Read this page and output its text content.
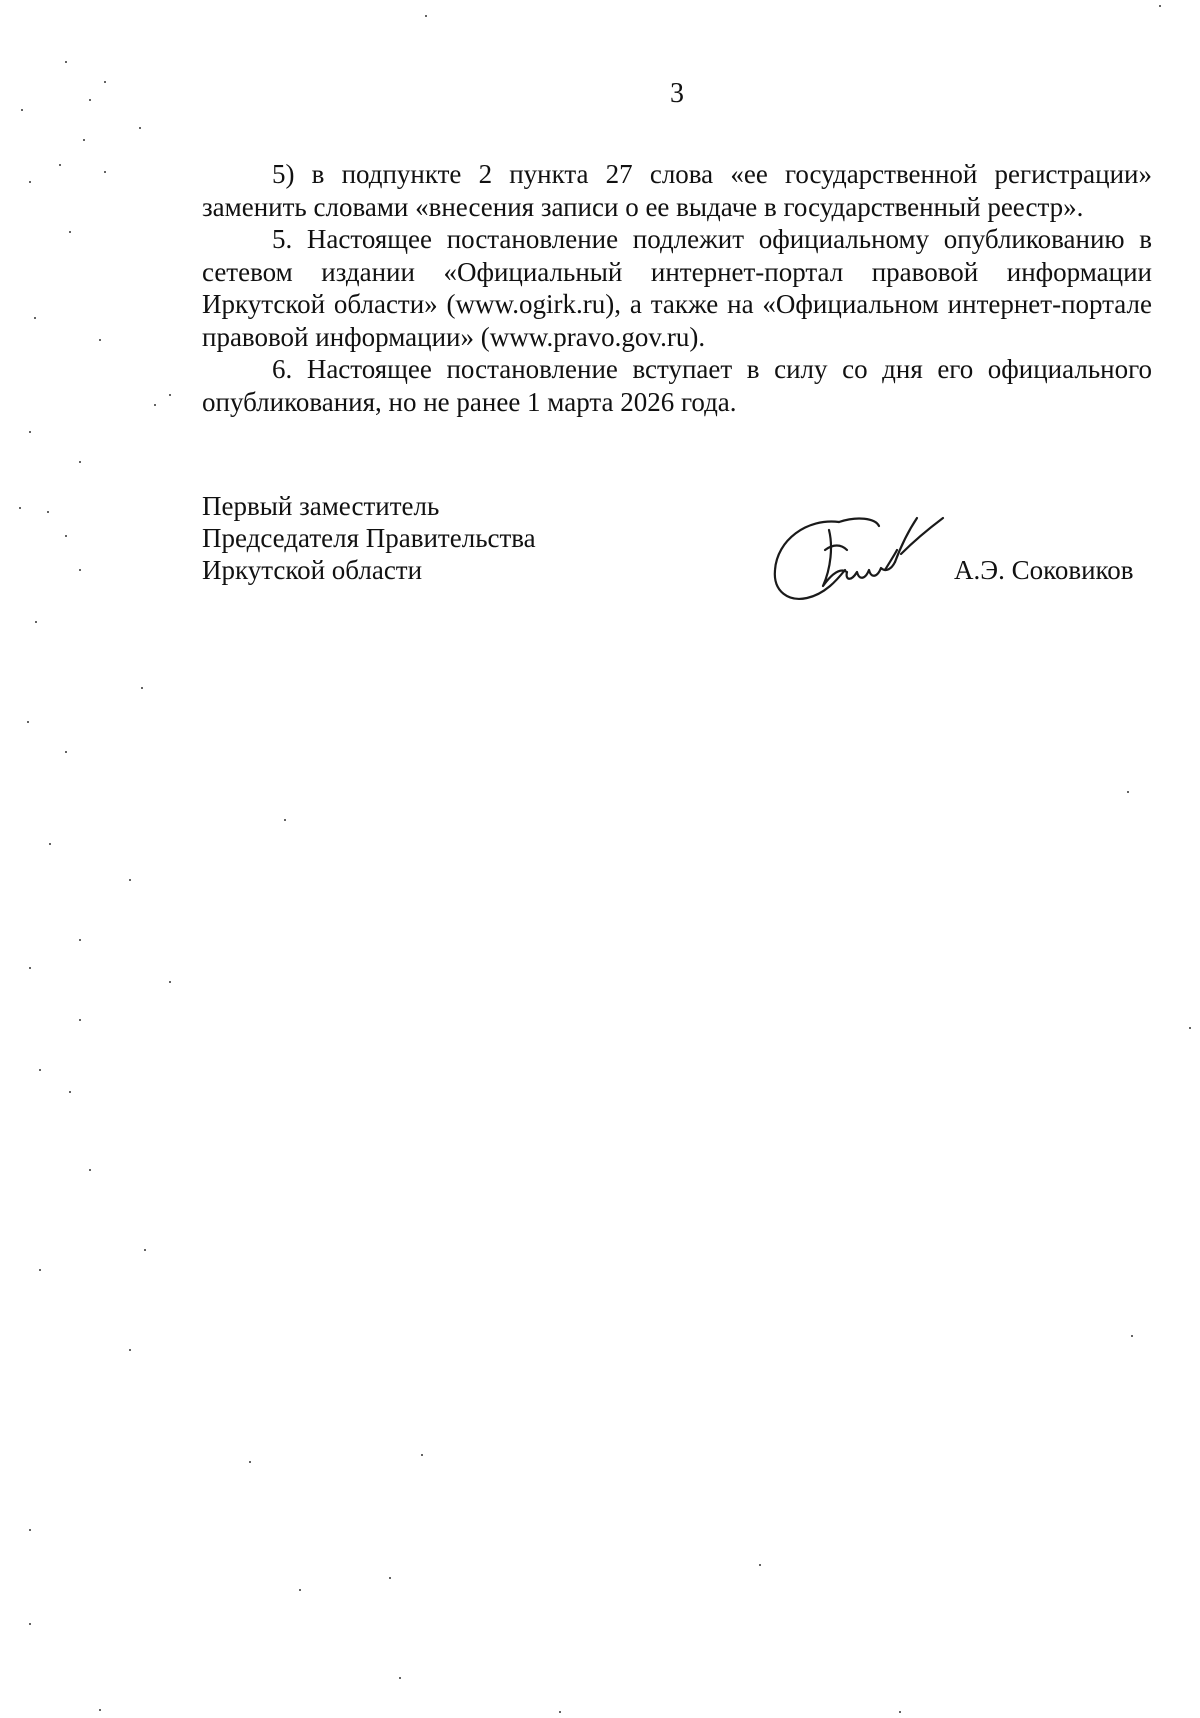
3

5) в подпункте 2 пункта 27 слова «ее государственной регистрации» заменить словами «внесения записи о ее выдаче в государственный реестр».

5. Настоящее постановление подлежит официальному опубликованию в сетевом издании «Официальный интернет-портал правовой информации Иркутской области» (www.ogirk.ru), а также на «Официальном интернет-портале правовой информации» (www.pravo.gov.ru).

6. Настоящее постановление вступает в силу со дня его официального опубликования, но не ранее 1 марта 2026 года.

Первый заместитель
Председателя Правительства
Иркутской области	А.Э. Соковиков
